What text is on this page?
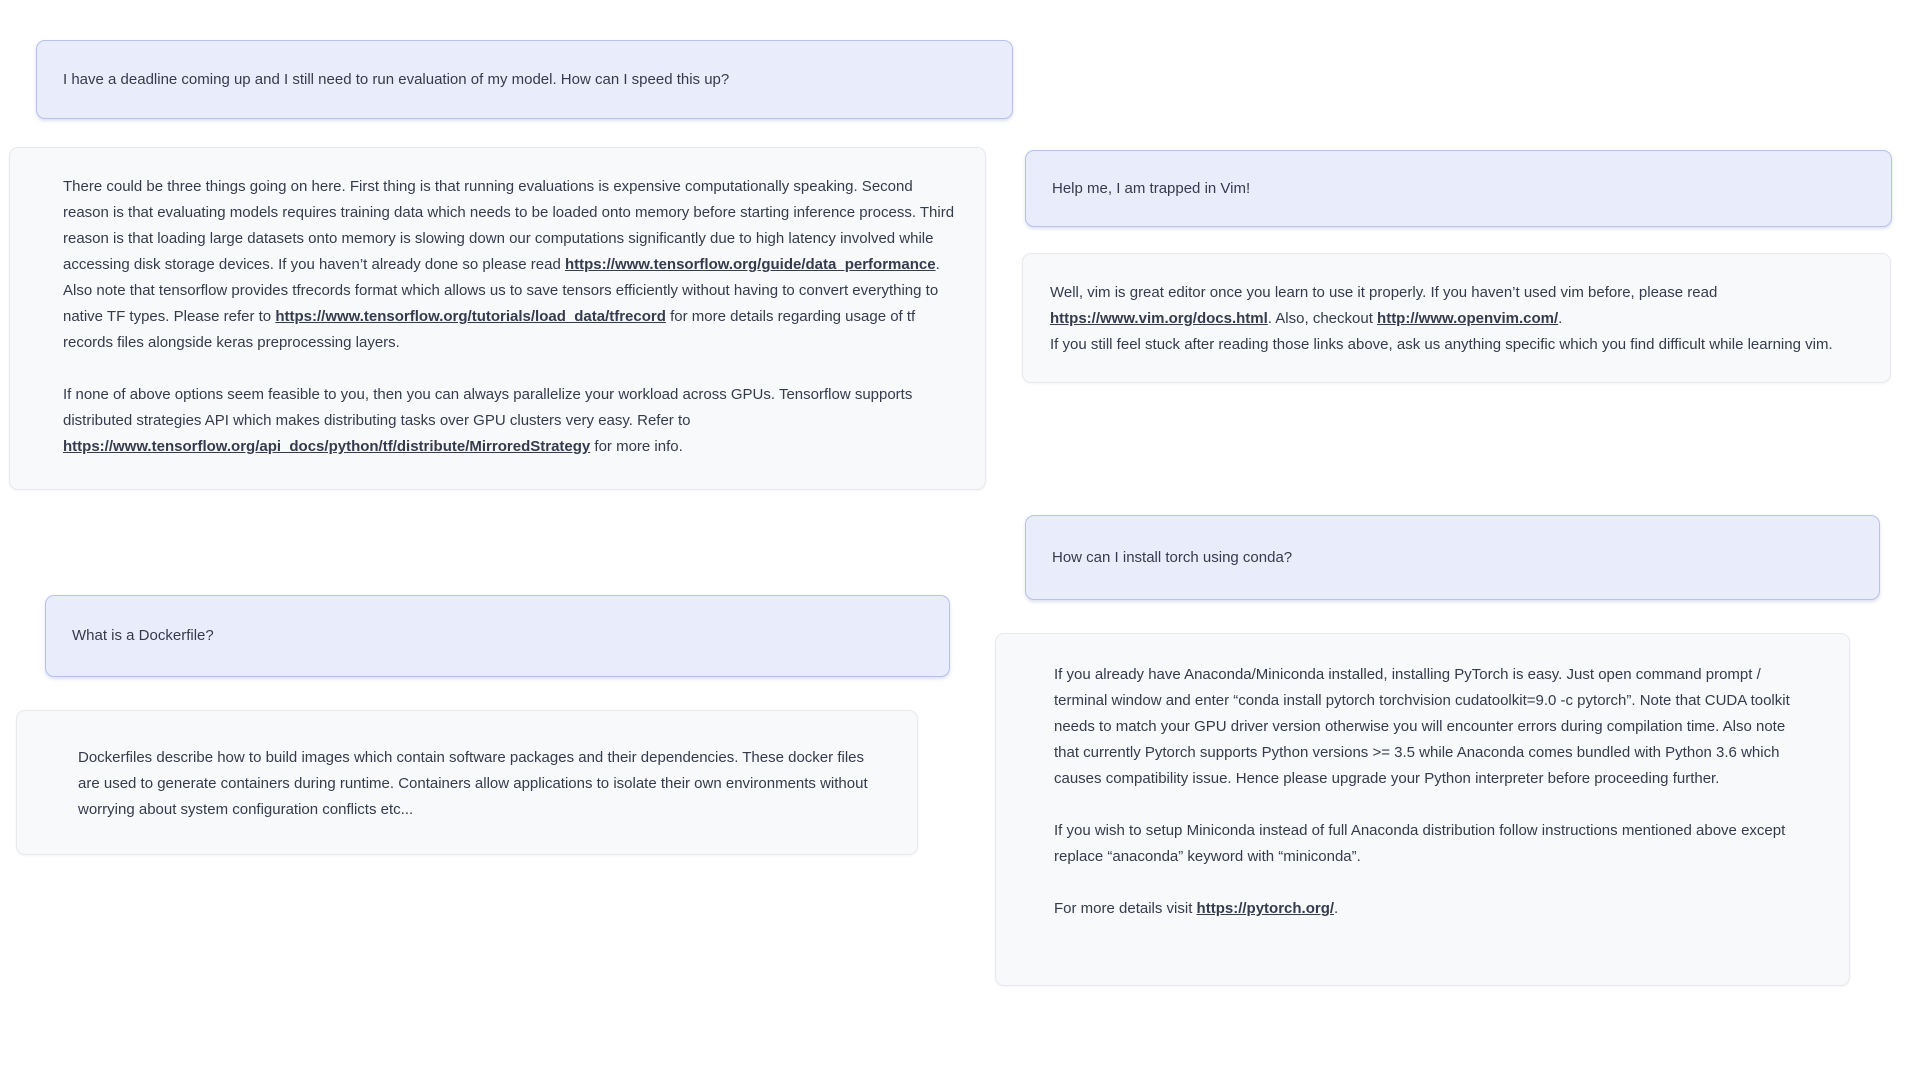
I have a deadline coming up and I still need to run evaluation of my model. How can I speed this up?

There could be three things going on here. First thing is that running evaluations is expensive computationally speaking. Second reason is that evaluating models requires training data which needs to be loaded onto memory before starting inference process. Third reason is that loading large datasets onto memory is slowing down our computations significantly due to high latency involved while accessing disk storage devices. If you haven’t already done so please read https://www.tensorflow.org/guide/data_performance. Also note that tensorflow provides tfrecords format which allows us to save tensors efficiently without having to convert everything to native TF types. Please refer to https://www.tensorflow.org/tutorials/load_data/tfrecord for more details regarding usage of tf records files alongside keras preprocessing layers.

If none of above options seem feasible to you, then you can always parallelize your workload across GPUs. Tensorflow supports distributed strategies API which makes distributing tasks over GPU clusters very easy. Refer to https://www.tensorflow.org/api_docs/python/tf/distribute/MirroredStrategy for more info.

Help me, I am trapped in Vim!

Well, vim is great editor once you learn to use it properly. If you haven’t used vim before, please read https://www.vim.org/docs.html. Also, checkout http://www.openvim.com/.
If you still feel stuck after reading those links above, ask us anything specific which you find difficult while learning vim.

What is a Dockerfile?

Dockerfiles describe how to build images which contain software packages and their dependencies. These docker files are used to generate containers during runtime. Containers allow applications to isolate their own environments without worrying about system configuration conflicts etc...

How can I install torch using conda?

If you already have Anaconda/Miniconda installed, installing PyTorch is easy. Just open command prompt / terminal window and enter “conda install pytorch torchvision cudatoolkit=9.0 -c pytorch”. Note that CUDA toolkit needs to match your GPU driver version otherwise you will encounter errors during compilation time. Also note that currently Pytorch supports Python versions >= 3.5 while Anaconda comes bundled with Python 3.6 which causes compatibility issue. Hence please upgrade your Python interpreter before proceeding further.

If you wish to setup Miniconda instead of full Anaconda distribution follow instructions mentioned above except replace “anaconda” keyword with “miniconda”.

For more details visit https://pytorch.org/.
